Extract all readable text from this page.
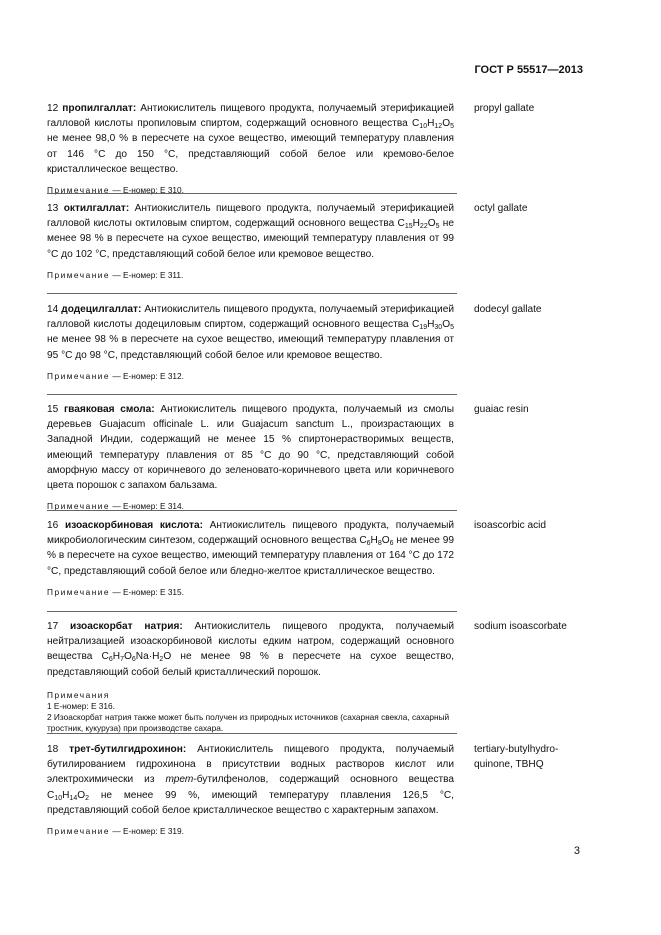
ГОСТ Р 55517—2013
12 пропилгаллат: Антиокислитель пищевого продукта, получаемый этерификацией галловой кислоты пропиловым спиртом, содержащий основного вещества $C_{10}H_{12}O_5$ не менее 98,0 % в пересчете на сухое вещество, имеющий температуру плавления от 146 °C до 150 °C, представляющий собой белое или кремово-белое кристаллическое вещество.
propyl gallate
Примечание — Е-номер: Е 310.
13 октилгаллат: Антиокислитель пищевого продукта, получаемый этерификацией галловой кислоты октиловым спиртом, содержащий основного вещества $C_{15}H_{22}O_5$ не менее 98 % в пересчете на сухое вещество, имеющий температуру плавления от 99 °C до 102 °C, представляющий собой белое или кремовое вещество.
octyl gallate
Примечание — Е-номер: Е 311.
14 додецилгаллат: Антиокислитель пищевого продукта, получаемый этерификацией галловой кислоты додециловым спиртом, содержащий основного вещества $C_{19}H_{30}O_5$ не менее 98 % в пересчете на сухое вещество, имеющий температуру плавления от 95 °C до 98 °C, представляющий собой белое или кремовое вещество.
dodecyl gallate
Примечание — Е-номер: Е 312.
15 гваяковая смола: Антиокислитель пищевого продукта, получаемый из смолы деревьев Guajacum officinale L. или Guajacum sanctum L., произрастающих в Западной Индии, содержащий не менее 15 % спиртонерастворимых веществ, имеющий температуру плавления от 85 °C до 90 °C, представляющий собой аморфную массу от коричневого до зеленовато-коричневого цвета или коричневого цвета порошок с запахом бальзама.
guaiac resin
Примечание — Е-номер: Е 314.
16 изоаскорбиновая кислота: Антиокислитель пищевого продукта, получаемый микробиологическим синтезом, содержащий основного вещества $C_6H_8O_6$ не менее 99 % в пересчете на сухое вещество, имеющий температуру плавления от 164 °C до 172 °C, представляющий собой белое или бледно-желтое кристаллическое вещество.
isoascorbic acid
Примечание — Е-номер: Е 315.
17 изоаскорбат натрия: Антиокислитель пищевого продукта, получаемый нейтрализацией изоаскорбиновой кислоты едким натром, содержащий основного вещества $C_6H_7O_6Na\cdot H_2O$ не менее 98 % в пересчете на сухое вещество, представляющий собой белый кристаллический порошок.
sodium isoascorbate
Примечания
1 Е-номер: Е 316.
2 Изоаскорбат натрия также может быть получен из природных источников (сахарная свекла, сахарный тростник, кукуруза) при производстве сахара.
18 трет-бутилгидрохинон: Антиокислитель пищевого продукта, получаемый бутилированием гидрохинона в присутствии водных растворов кислот или электрохимически из трет-бутилфенолов, содержащий основного вещества $C_{10}H_{14}O_2$ не менее 99 %, имеющий температуру плавления 126,5 °C, представляющий собой белое кристаллическое вещество с характерным запахом.
tertiary-butylhydro-quinone, TBHQ
Примечание — Е-номер: Е 319.
3
